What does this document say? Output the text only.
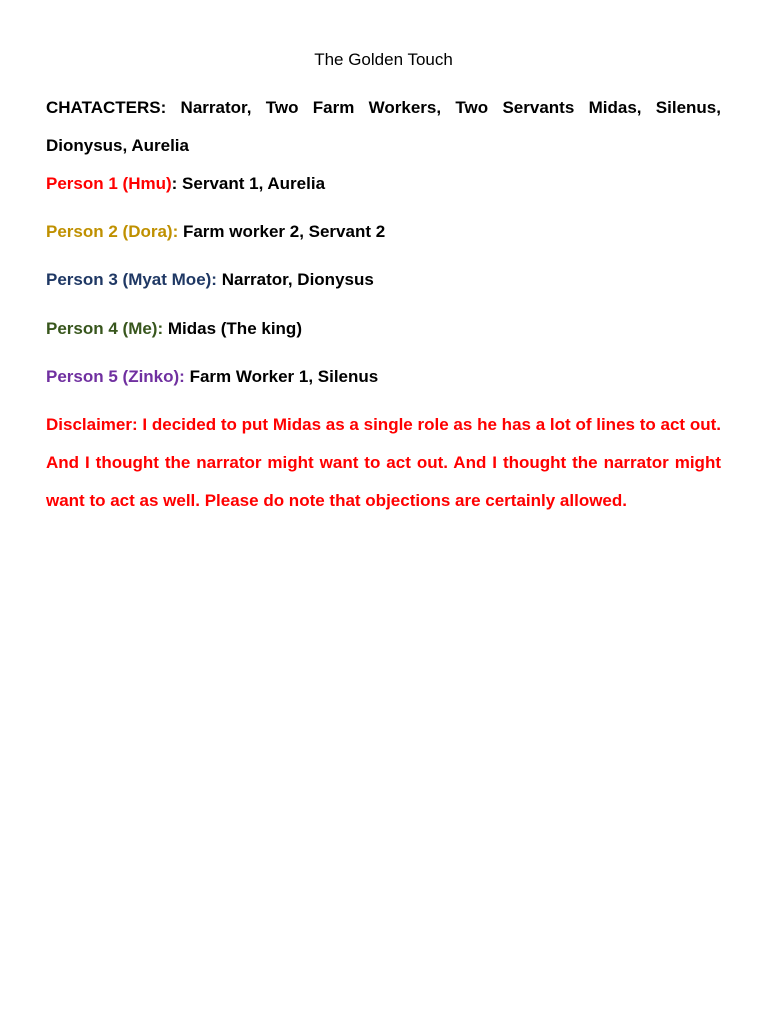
The Golden Touch
CHATACTERS: Narrator, Two Farm Workers, Two Servants Midas, Silenus, Dionysus, Aurelia
Person 1 (Hmu): Servant 1, Aurelia
Person 2 (Dora): Farm worker 2, Servant 2
Person 3 (Myat Moe): Narrator, Dionysus
Person 4 (Me): Midas (The king)
Person 5 (Zinko): Farm Worker 1, Silenus
Disclaimer: I decided to put Midas as a single role as he has a lot of lines to act out. And I thought the narrator might want to act out. And I thought the narrator might want to act as well. Please do note that objections are certainly allowed.
